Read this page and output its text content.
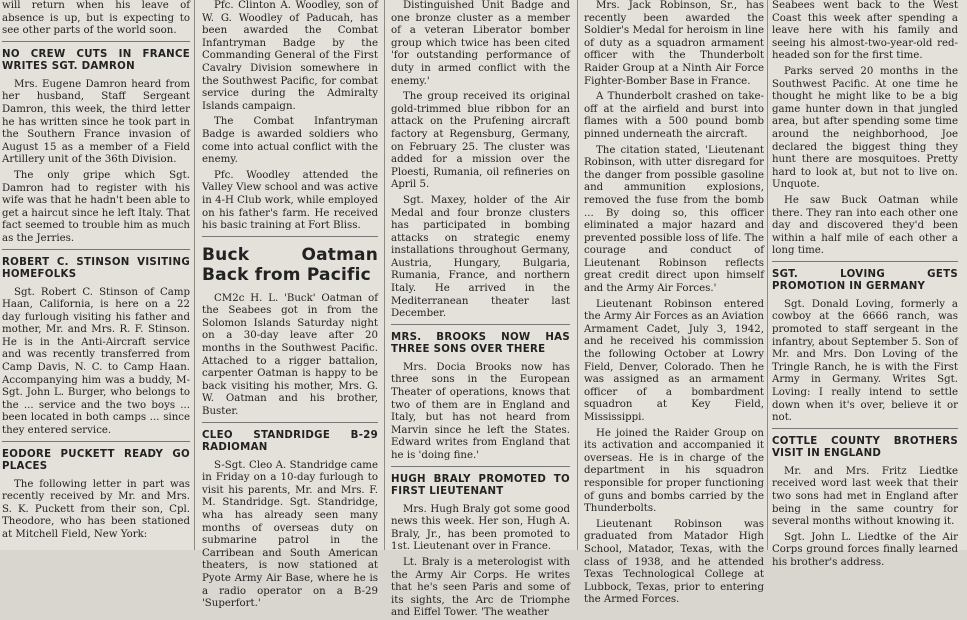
will return when his leave of absence is up, but is expecting to see other parts of the world soon.

NO CREW CUTS IN FRANCE WRITES SGT. DAMRON

Mrs. Eugene Damron heard from her husband, Staff Sergeant Damron, this week, the third letter he has written since he took part in the Southern France invasion of August 15 as a member of a Field Artillery unit of the 36th Division.

The only gripe which Sgt. Damron had to register with his wife was that he hadn't been able to get a haircut since he left Italy. That fact seemed to trouble him as much as the Jerries.

ROBERT C. STINSON VISITING HOMEFOLKS

Sgt. Robert C. Stinson of Camp Haan, California, is here on a 22 day furlough visiting his father and mother, Mr. and Mrs. R. F. Stinson. He is in the Anti-Aircraft service and was recently transferred from Camp Davis, N. C. to Camp Haan. Accompanying him was a buddy, M-Sgt. John L. Burger, who belongs to the ... service and the two boys ... been located in both camps ... since they entered service.

EODORE PUCKETT READY GO PLACES

The following letter in part was recently received by Mr. and Mrs. S. K. Puckett from their son, Cpl. Theodore, who has been stationed at Mitchell Field, New York:

Pfc. Clinton A. Woodley, son of W. G. Woodley of Paducah, has been awarded the Combat Infantryman Badge by the Commanding General of the First Cavalry Division somewhere in the Southwest Pacific, for combat service during the Admiralty Islands campaign.

The Combat Infantryman Badge is awarded soldiers who come into actual conflict with the enemy.

Pfc. Woodley attended the Valley View school and was active in 4-H Club work, while employed on his father's farm. He received his basic training at Fort Bliss.

Buck Oatman Back from Pacific

CM2c H. L. 'Buck' Oatman of the Seabees got in from the Solomon Islands Saturday night on a 30-day leave after 20 months in the Southwest Pacific. Attached to a rigger battalion, carpenter Oatman is happy to be back visiting his mother, Mrs. G. W. Oatman and his brother, Buster.

CLEO STANDRIDGE B-29 RADIOMAN

S-Sgt. Cleo A. Standridge came in Friday on a 10-day furlough to visit his parents, Mr. and Mrs. F. M. Standridge. Sgt. Standridge, wha has already seen many months of overseas duty on submarine patrol in the Carribean and South American theaters, is now stationed at Pyote Army Air Base, where he is a radio operator on a B-29 'Superfort.'

Distinguished Unit Badge and one bronze cluster as a member of a veteran Liberator bomber group which twice has been cited 'for outstanding performance of duty in armed conflict with the enemy.'

The group received its original gold-trimmed blue ribbon for an attack on the Prufening aircraft factory at Regensburg, Germany, on February 25. The cluster was added for a mission over the Ploesti, Rumania, oil refineries on April 5.

Sgt. Maxey, holder of the Air Medal and four bronze clusters has participated in bombing attacks on strategic enemy installations throughout Germany, Austria, Hungary, Bulgaria, Rumania, France, and northern Italy. He arrived in the Mediterranean theater last December.

MRS. BROOKS NOW HAS THREE SONS OVER THERE

Mrs. Docia Brooks now has three sons in the European Theater of operations, knows that two of them are in England and Italy, but has not heard from Marvin since he left the States. Edward writes from England that he is 'doing fine.'

HUGH BRALY PROMOTED TO FIRST LIEUTENANT

Mrs. Hugh Braly got some good news this week. Her son, Hugh A. Braly, Jr., has been promoted to 1st. Lieutenant over in France.

Lt. Braly is a meterologist with the Army Air Corps. He writes that he's seen Paris and some of its sights, the Arc de Triomphe and Eiffel Tower. 'The weather

Mrs. Jack Robinson, Sr., has recently been awarded the Soldier's Medal for heroism in line of duty as a squadron armament officer with the Thunderbolt Raider Group at a Ninth Air Force Fighter-Bomber Base in France.

A Thunderbolt crashed on take-off at the airfield and burst into flames with a 500 pound bomb pinned underneath the aircraft.

The citation stated, 'Lieutenant Robinson, with utter disregard for the danger from possible gasoline and ammunition explosions, removed the fuse from the bomb ... By doing so, this officer eliminated a major hazard and prevented possible loss of life. The courage and conduct of Lieutenant Robinson reflects great credit direct upon himself and the Army Air Forces.'

Lieutenant Robinson entered the Army Air Forces as an Aviation Armament Cadet, July 3, 1942, and he received his commission the following October at Lowry Field, Denver, Colorado. Then he was assigned as an armament officer of a bombardment squadron at Key Field, Mississippi.

He joined the Raider Group on its activation and accompanied it overseas. He is in charge of the department in his squadron responsible for proper functioning of guns and bombs carried by the Thunderbolts.

Lieutenant Robinson was graduated from Matador High School, Matador, Texas, with the class of 1938, and he attended Texas Technological College at Lubbock, Texas, prior to entering the Armed Forces.

Seabees went back to the West Coast this week after spending a leave here with his family and seeing his almost-two-year-old red-headed son for the first time.

Parks served 20 months in the Southwest Pacific. At one time he thought he might like to be a big game hunter down in that jungled area, but after spending some time around the neighborhood, Joe declared the biggest thing they hunt there are mosquitoes. Pretty hard to look at, but not to live on. Unquote.

He saw Buck Oatman while there. They ran into each other one day and discovered they'd been within a half mile of each other a long time.

SGT. LOVING GETS PROMOTION IN GERMANY

Sgt. Donald Loving, formerly a cowboy at the 6666 ranch, was promoted to staff sergeant in the infantry, about September 5. Son of Mr. and Mrs. Don Loving of the Tringle Ranch, he is with the First Army in Germany. Writes Sgt. Loving: I really intend to settle down when it's over, believe it or not.

COTTLE COUNTY BROTHERS VISIT IN ENGLAND

Mr. and Mrs. Fritz Liedtke received word last week that their two sons had met in England after being in the same country for several months without knowing it.

Sgt. John L. Liedtke of the Air Corps ground forces finally learned his brother's address.
